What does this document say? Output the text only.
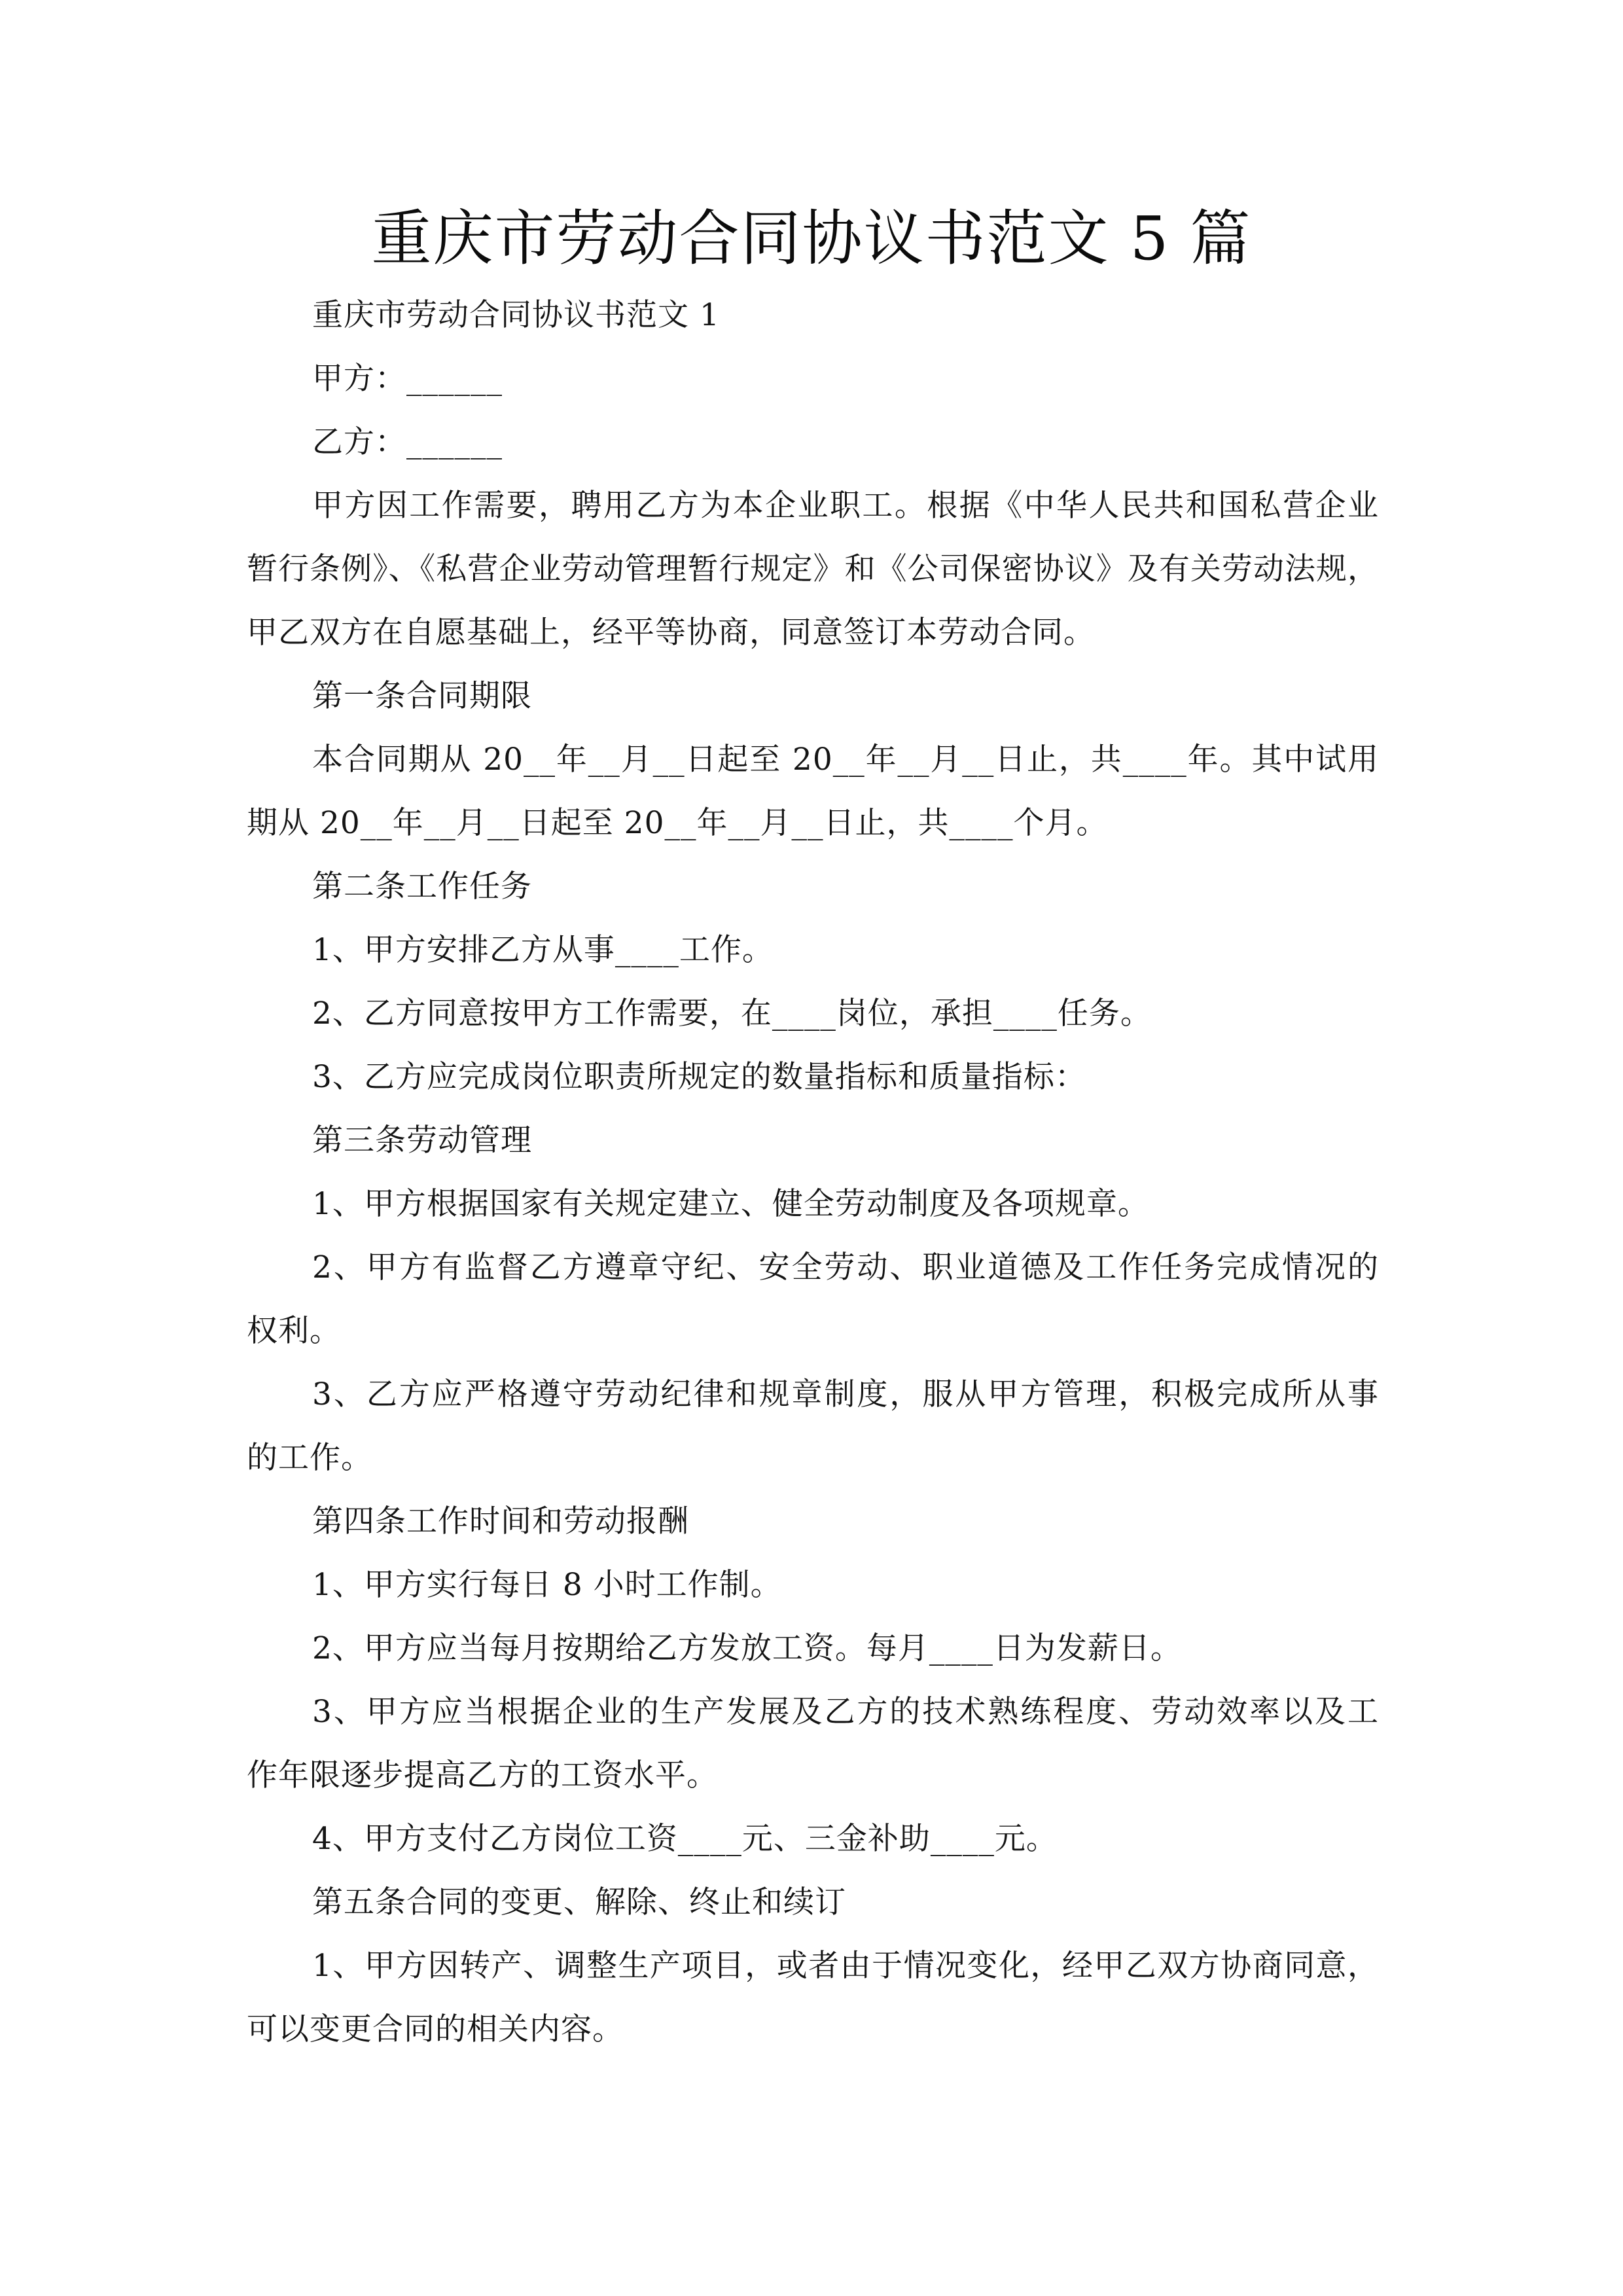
重庆市劳动合同协议书范文 5 篇

重庆市劳动合同协议书范文 1

甲方：______

乙方：______

甲方因工作需要，聘用乙方为本企业职工。根据《中华人民共和国私营企业

暂行条例》、《私营企业劳动管理暂行规定》和《公司保密协议》及有关劳动法规，

甲乙双方在自愿基础上，经平等协商，同意签订本劳动合同。

第一条合同期限

本合同期从 20__年__月__日起至 20__年__月__日止，共____年。其中试用

期从 20__年__月__日起至 20__年__月__日止，共____个月。

第二条工作任务

1、甲方安排乙方从事____工作。

2、乙方同意按甲方工作需要，在____岗位，承担____任务。

3、乙方应完成岗位职责所规定的数量指标和质量指标：

第三条劳动管理

1、甲方根据国家有关规定建立、健全劳动制度及各项规章。

2、甲方有监督乙方遵章守纪、安全劳动、职业道德及工作任务完成情况的

权利。

3、乙方应严格遵守劳动纪律和规章制度，服从甲方管理，积极完成所从事

的工作。

第四条工作时间和劳动报酬

1、甲方实行每日 8 小时工作制。

2、甲方应当每月按期给乙方发放工资。每月____日为发薪日。

3、甲方应当根据企业的生产发展及乙方的技术熟练程度、劳动效率以及工

作年限逐步提高乙方的工资水平。

4、甲方支付乙方岗位工资____元、三金补助____元。

第五条合同的变更、解除、终止和续订

1、甲方因转产、调整生产项目，或者由于情况变化，经甲乙双方协商同意，

可以变更合同的相关内容。
